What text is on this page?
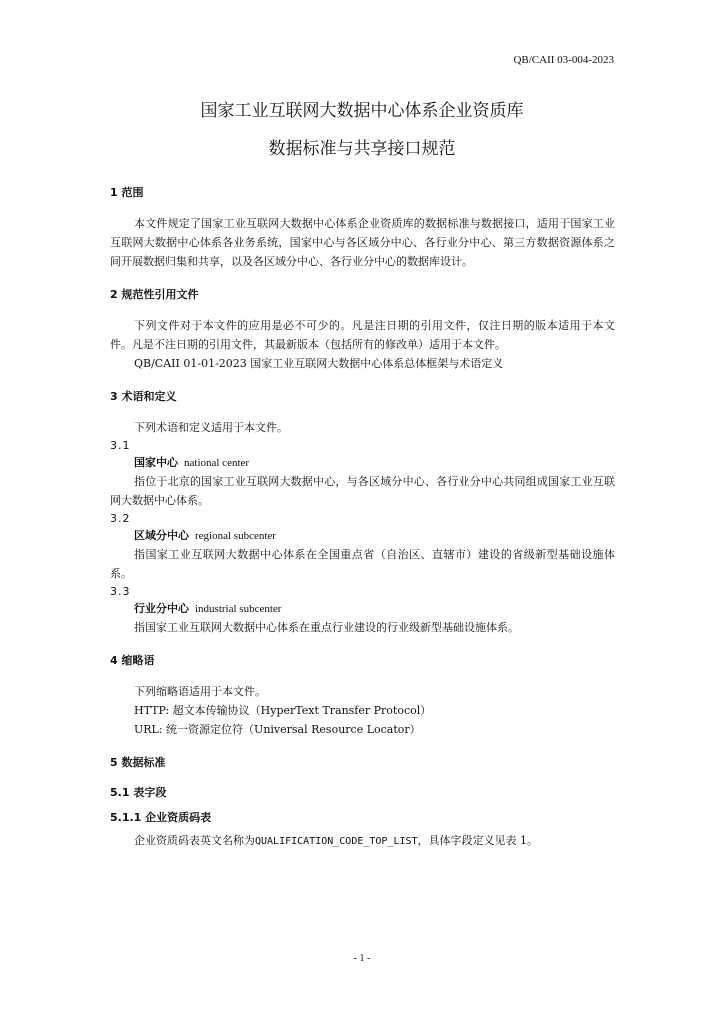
QB/CAII 03-004-2023
国家工业互联网大数据中心体系企业资质库
数据标准与共享接口规范
1 范围
本文件规定了国家工业互联网大数据中心体系企业资质库的数据标准与数据接口，适用于国家工业互联网大数据中心体系各业务系统，国家中心与各区域分中心、各行业分中心、第三方数据资源体系之间开展数据归集和共享，以及各区域分中心、各行业分中心的数据库设计。
2 规范性引用文件
下列文件对于本文件的应用是必不可少的。凡是注日期的引用文件，仅注日期的版本适用于本文件。凡是不注日期的引用文件，其最新版本（包括所有的修改单）适用于本文件。
QB/CAII 01-01-2023 国家工业互联网大数据中心体系总体框架与术语定义
3 术语和定义
下列术语和定义适用于本文件。
3.1
国家中心 national center
指位于北京的国家工业互联网大数据中心，与各区域分中心、各行业分中心共同组成国家工业互联网大数据中心体系。
3.2
区域分中心 regional subcenter
指国家工业互联网大数据中心体系在全国重点省（自治区、直辖市）建设的省级新型基础设施体系。
3.3
行业分中心 industrial subcenter
指国家工业互联网大数据中心体系在重点行业建设的行业级新型基础设施体系。
4 缩略语
下列缩略语适用于本文件。
HTTP: 超文本传输协议（HyperText Transfer Protocol）
URL: 统一资源定位符（Universal Resource Locator）
5 数据标准
5.1 表字段
5.1.1 企业资质码表
企业资质码表英文名称为QUALIFICATION_CODE_TOP_LIST，具体字段定义见表 1。
- 1 -
